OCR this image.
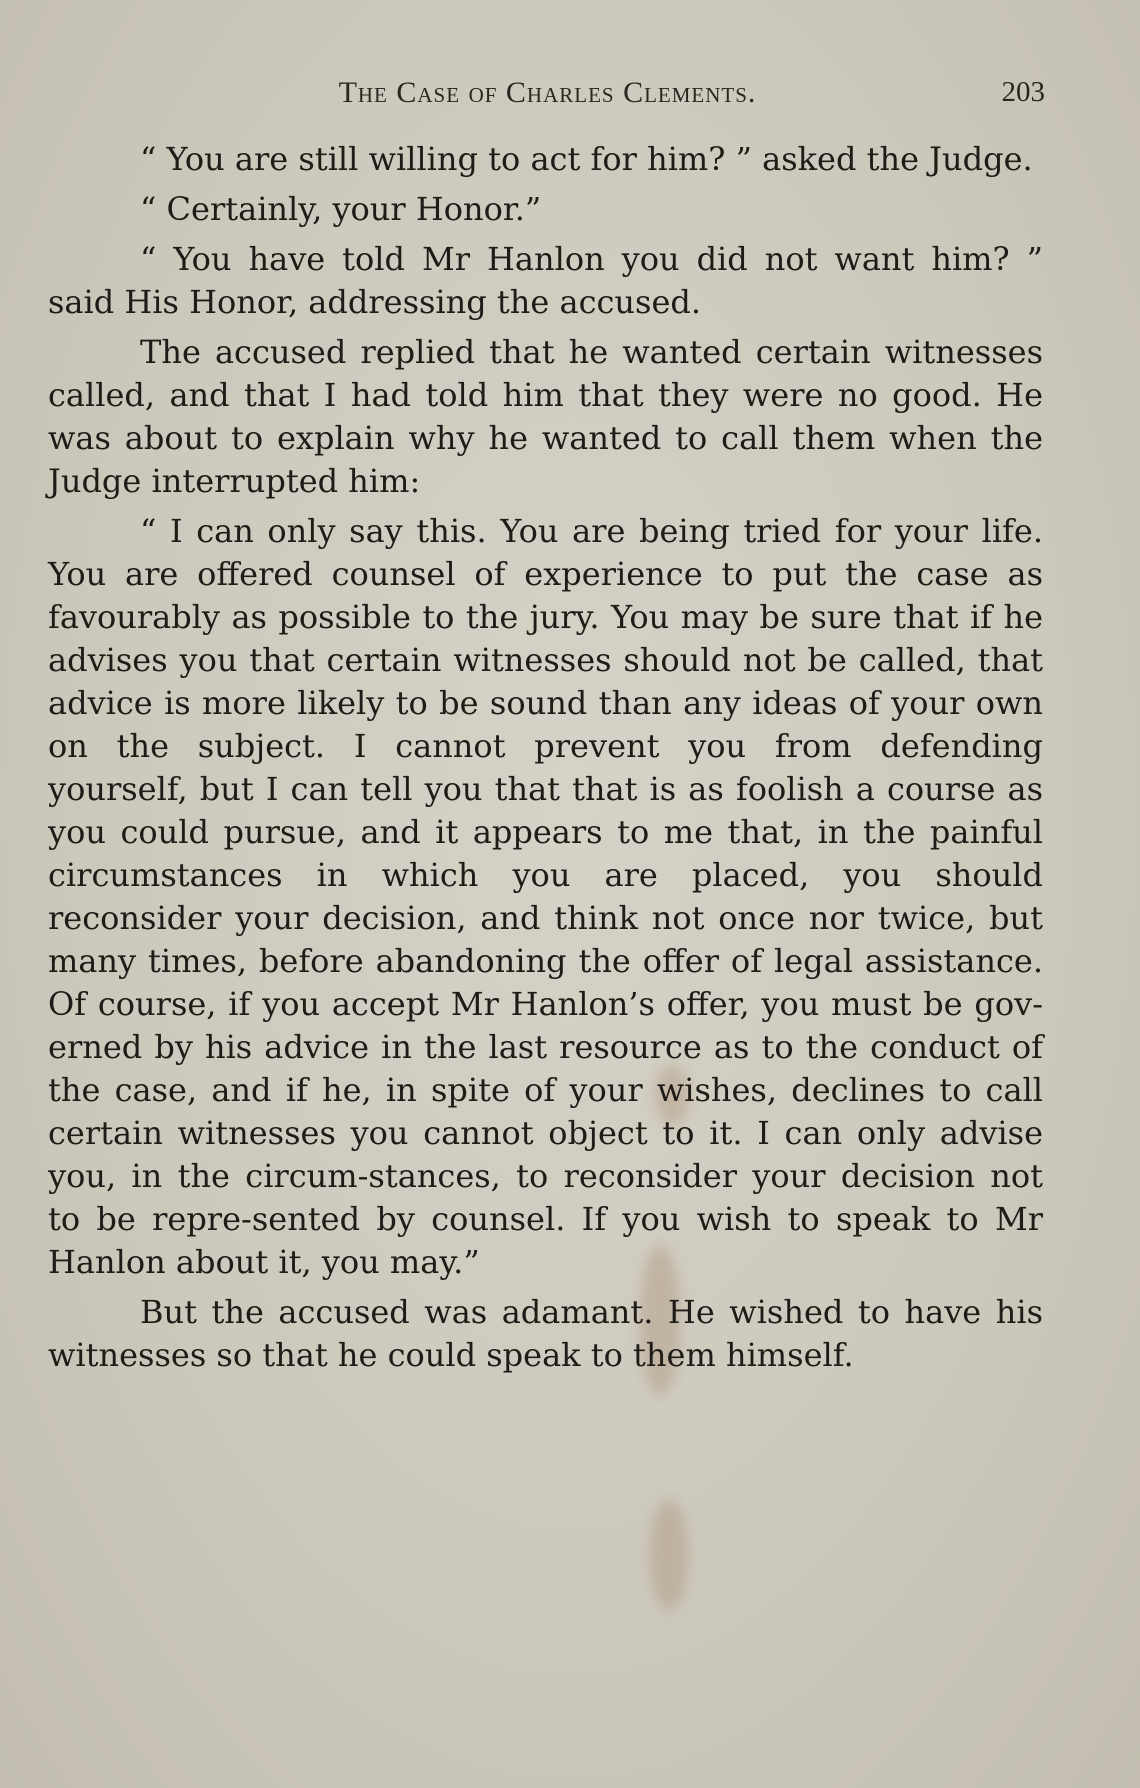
The Case of Charles Clements.	203

“ You are still willing to act for him? ” asked the Judge.

“ Certainly, your Honor.”

“ You have told Mr Hanlon you did not want him? ” said His Honor, addressing the accused.

The accused replied that he wanted certain witnesses called, and that I had told him that they were no good. He was about to explain why he wanted to call them when the Judge interrupted him:

“ I can only say this. You are being tried for your life. You are offered counsel of experience to put the case as favourably as possible to the jury. You may be sure that if he advises you that certain witnesses should not be called, that advice is more likely to be sound than any ideas of your own on the subject. I cannot prevent you from defending yourself, but I can tell you that that is as foolish a course as you could pursue, and it appears to me that, in the painful circumstances in which you are placed, you should reconsider your decision, and think not once nor twice, but many times, before abandoning the offer of legal assistance. Of course, if you accept Mr Hanlon’s offer, you must be gov-erned by his advice in the last resource as to the conduct of the case, and if he, in spite of your wishes, declines to call certain witnesses you cannot object to it. I can only advise you, in the circum-stances, to reconsider your decision not to be repre-sented by counsel. If you wish to speak to Mr Hanlon about it, you may.”

But the accused was adamant. He wished to have his witnesses so that he could speak to them himself.
